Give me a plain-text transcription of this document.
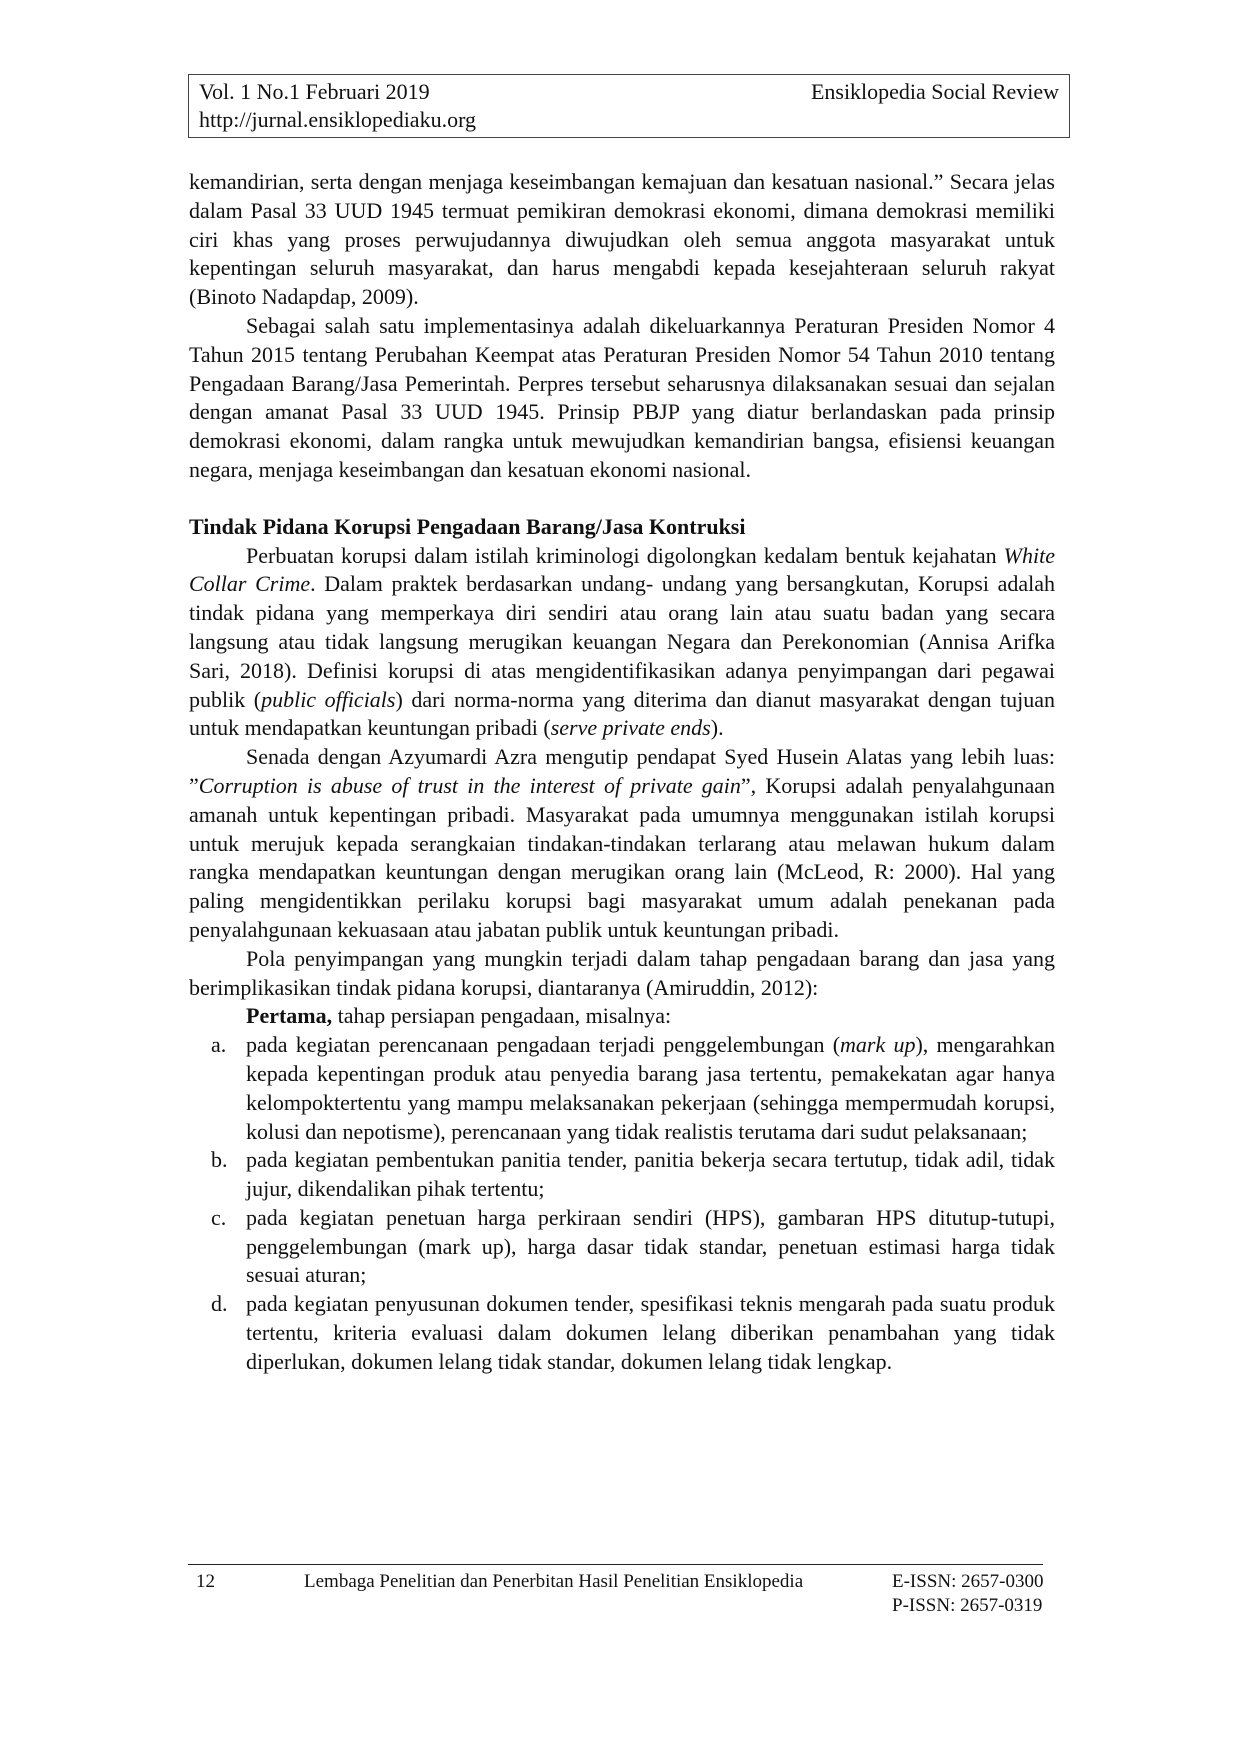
Vol. 1 No.1 Februari 2019	Ensiklopedia Social Review
http://jurnal.ensiklopediaku.org

kemandirian, serta dengan menjaga keseimbangan kemajuan dan kesatuan nasional.” Secara jelas dalam Pasal 33 UUD 1945 termuat pemikiran demokrasi ekonomi, dimana demokrasi memiliki ciri khas yang proses perwujudannya diwujudkan oleh semua anggota masyarakat untuk kepentingan seluruh masyarakat, dan harus mengabdi kepada kesejahteraan seluruh rakyat (Binoto Nadapdap, 2009).

Sebagai salah satu implementasinya adalah dikeluarkannya Peraturan Presiden Nomor 4 Tahun 2015 tentang Perubahan Keempat atas Peraturan Presiden Nomor 54 Tahun 2010 tentang Pengadaan Barang/Jasa Pemerintah. Perpres tersebut seharusnya dilaksanakan sesuai dan sejalan dengan amanat Pasal 33 UUD 1945. Prinsip PBJP yang diatur berlandaskan pada prinsip demokrasi ekonomi, dalam rangka untuk mewujudkan kemandirian bangsa, efisiensi keuangan negara, menjaga keseimbangan dan kesatuan ekonomi nasional.

Tindak Pidana Korupsi Pengadaan Barang/Jasa Kontruksi

Perbuatan korupsi dalam istilah kriminologi digolongkan kedalam bentuk kejahatan White Collar Crime. Dalam praktek berdasarkan undang- undang yang bersangkutan, Korupsi adalah tindak pidana yang memperkaya diri sendiri atau orang lain atau suatu badan yang secara langsung atau tidak langsung merugikan keuangan Negara dan Perekonomian (Annisa Arifka Sari, 2018). Definisi korupsi di atas mengidentifikasikan adanya penyimpangan dari pegawai publik (public officials) dari norma-norma yang diterima dan dianut masyarakat dengan tujuan untuk mendapatkan keuntungan pribadi (serve private ends).

Senada dengan Azyumardi Azra mengutip pendapat Syed Husein Alatas yang lebih luas: ”Corruption is abuse of trust in the interest of private gain”, Korupsi adalah penyalahgunaan amanah untuk kepentingan pribadi. Masyarakat pada umumnya menggunakan istilah korupsi untuk merujuk kepada serangkaian tindakan-tindakan terlarang atau melawan hukum dalam rangka mendapatkan keuntungan dengan merugikan orang lain (McLeod, R: 2000). Hal yang paling mengidentikkan perilaku korupsi bagi masyarakat umum adalah penekanan pada penyalahgunaan kekuasaan atau jabatan publik untuk keuntungan pribadi.

Pola penyimpangan yang mungkin terjadi dalam tahap pengadaan barang dan jasa yang berimplikasikan tindak pidana korupsi, diantaranya (Amiruddin, 2012):

Pertama, tahap persiapan pengadaan, misalnya:

a. pada kegiatan perencanaan pengadaan terjadi penggelembungan (mark up), mengarahkan kepada kepentingan produk atau penyedia barang jasa tertentu, pemakekatan agar hanya kelompoktertentu yang mampu melaksanakan pekerjaan (sehingga mempermudah korupsi, kolusi dan nepotisme), perencanaan yang tidak realistis terutama dari sudut pelaksanaan;
b. pada kegiatan pembentukan panitia tender, panitia bekerja secara tertutup, tidak adil, tidak jujur, dikendalikan pihak tertentu;
c. pada kegiatan penetuan harga perkiraan sendiri (HPS), gambaran HPS ditutup-tutupi, penggelembungan (mark up), harga dasar tidak standar, penetuan estimasi harga tidak sesuai aturan;
d. pada kegiatan penyusunan dokumen tender, spesifikasi teknis mengarah pada suatu produk tertentu, kriteria evaluasi dalam dokumen lelang diberikan penambahan yang tidak diperlukan, dokumen lelang tidak standar, dokumen lelang tidak lengkap.
12	Lembaga Penelitian dan Penerbitan Hasil Penelitian Ensiklopedia	E-ISSN: 2657-0300
P-ISSN: 2657-0319
